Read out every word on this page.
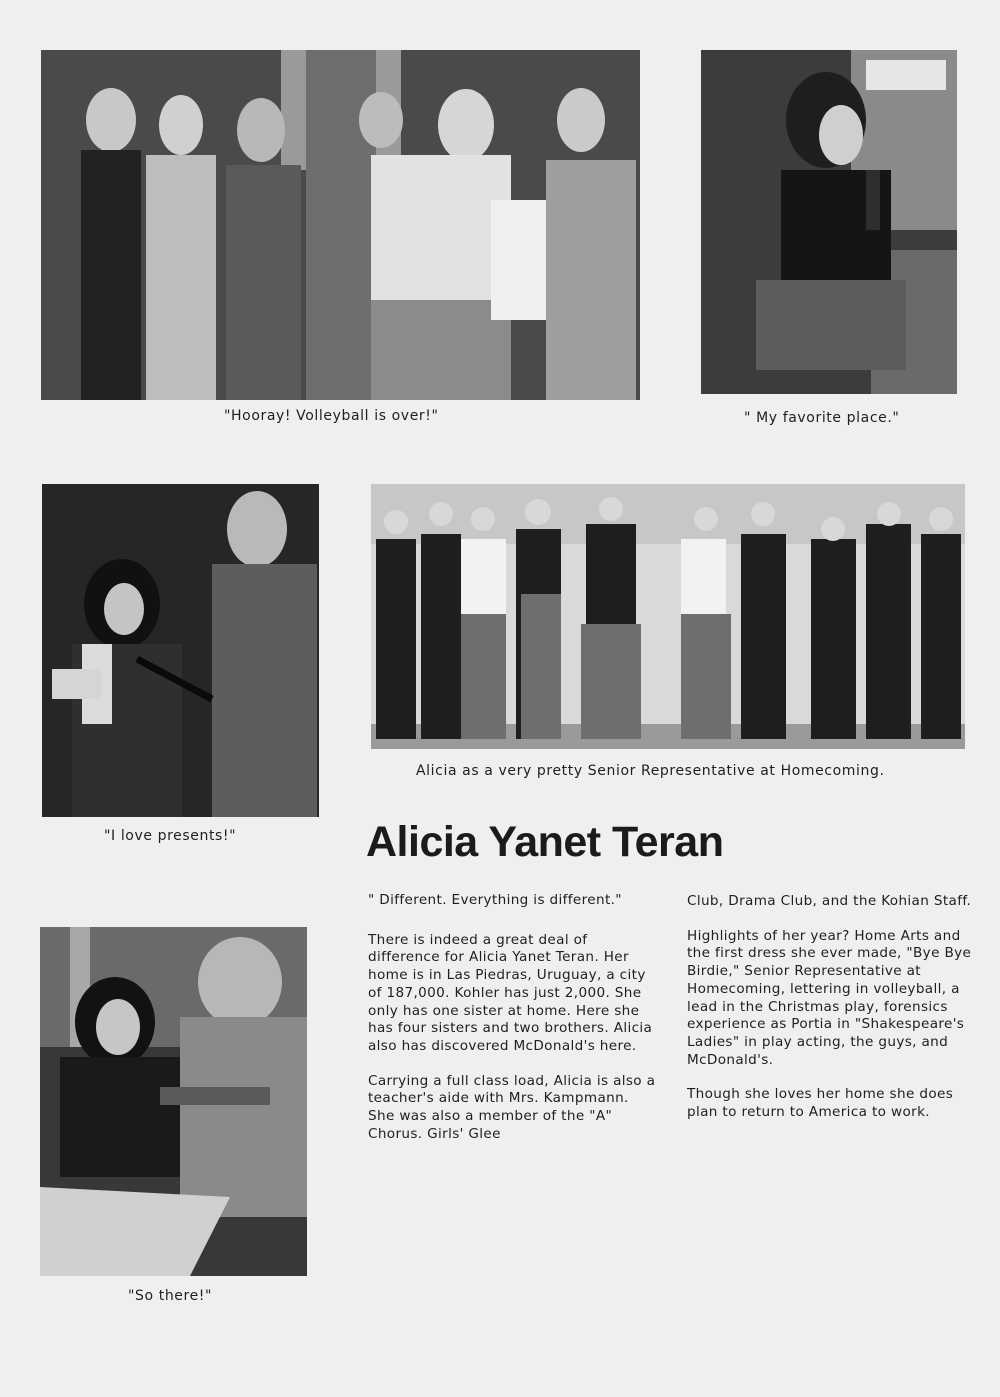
"Hooray! Volleyball is over!"	" My favorite place."
"I love presents!"
Alicia as a very pretty Senior Representative at Homecoming.
"So there!"
Alicia Yanet Teran

" Different. Everything is different."

There is indeed a great deal of difference for Alicia Yanet Teran. Her home is in Las Piedras, Uruguay, a city of 187,000. Kohler has just 2,000. She only has one sister at home. Here she has four sisters and two brothers. Alicia also has discovered McDonald's here.

Carrying a full class load, Alicia is also a teacher's aide with Mrs. Kampmann. She was also a member of the "A" Chorus. Girls' Glee

Club, Drama Club, and the Kohian Staff.

Highlights of her year? Home Arts and the first dress she ever made, "Bye Bye Birdie," Senior Representative at Homecoming, lettering in volleyball, a lead in the Christmas play, forensics experience as Portia in "Shakespeare's Ladies" in play acting, the guys, and McDonald's.

Though she loves her home she does plan to return to America to work.
